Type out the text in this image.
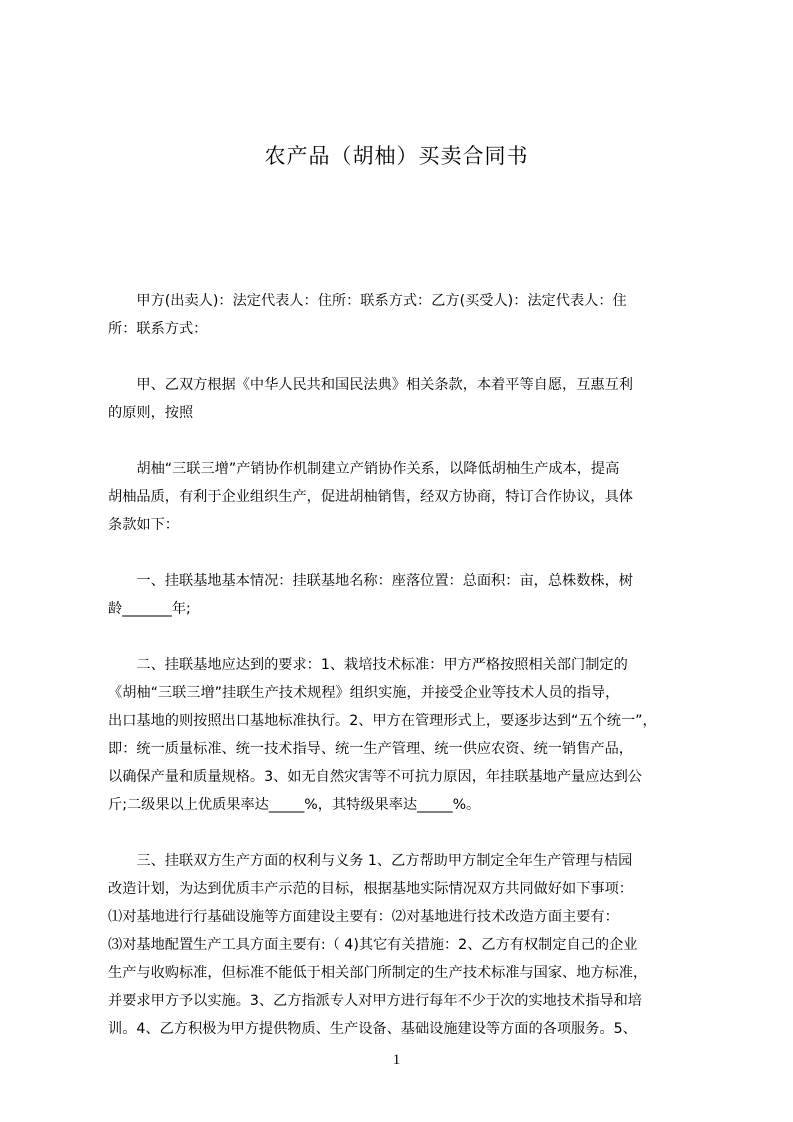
农产品（胡柚）买卖合同书
　　甲方(出卖人)：法定代表人：住所：联系方式：乙方(买受人)：法定代表人：住
所：联系方式：
　　甲、乙双方根据《中华人民共和国民法典》相关条款，本着平等自愿，互惠互利
的原则，按照
　　胡柚“三联三增”产销协作机制建立产销协作关系，以降低胡柚生产成本，提高
胡柚品质，有利于企业组织生产，促进胡柚销售，经双方协商，特订合作协议，具体
条款如下：
　　一、挂联基地基本情况：挂联基地名称：座落位置：总面积：亩，总株数株，树
龄_______年;
　　二、挂联基地应达到的要求：1、栽培技术标准：甲方严格按照相关部门制定的
《胡柚“三联三增”挂联生产技术规程》组织实施，并接受企业等技术人员的指导，
出口基地的则按照出口基地标准执行。2、甲方在管理形式上，要逐步达到“五个统一”，
即：统一质量标准、统一技术指导、统一生产管理、统一供应农资、统一销售产品，
以确保产量和质量规格。3、如无自然灾害等不可抗力原因，年挂联基地产量应达到公
斤;二级果以上优质果率达_____%，其特级果率达_____%。
　　三、挂联双方生产方面的权利与义务 1、乙方帮助甲方制定全年生产管理与桔园
改造计划，为达到优质丰产示范的目标，根据基地实际情况双方共同做好如下事项：
⑴对基地进行行基础设施等方面建设主要有：⑵对基地进行技术改造方面主要有：
⑶对基地配置生产工具方面主要有:（ 4)其它有关措施：2、乙方有权制定自己的企业
生产与收购标准，但标准不能低于相关部门所制定的生产技术标准与国家、地方标准，
并要求甲方予以实施。3、乙方指派专人对甲方进行每年不少于次的实地技术指导和培
训。4、乙方积极为甲方提供物质、生产设备、基础设施建设等方面的各项服务。5、
1
